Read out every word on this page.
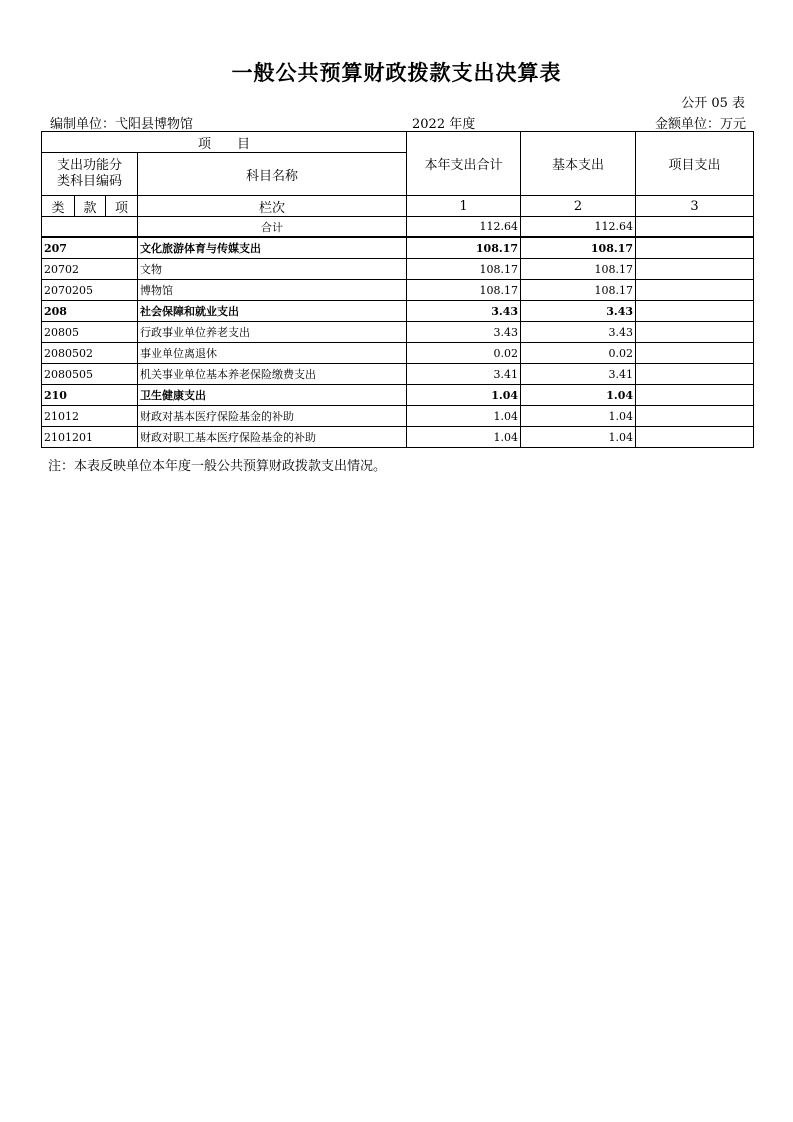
一般公共预算财政拨款支出决算表
公开 05 表
编制单位：弋阳县博物馆	2022 年度	金额单位：万元
项　　目				本年支出合计	基本支出	项目支出
支出功能分
类科目编码			科目名称			
类	款	项				
			栏次	1	2	3
			合计	112.64	112.64	
207			文化旅游体育与传媒支出	108.17	108.17	
20702			文物	108.17	108.17	
2070205			博物馆	108.17	108.17	
208			社会保障和就业支出	3.43	3.43	
20805			行政事业单位养老支出	3.43	3.43	
2080502			事业单位离退休	0.02	0.02	
2080505			机关事业单位基本养老保险缴费支出	3.41	3.41	
210			卫生健康支出	1.04	1.04	
21012			财政对基本医疗保险基金的补助	1.04	1.04	
2101201			财政对职工基本医疗保险基金的补助	1.04	1.04	
注：本表反映单位本年度一般公共预算财政拨款支出情况。
